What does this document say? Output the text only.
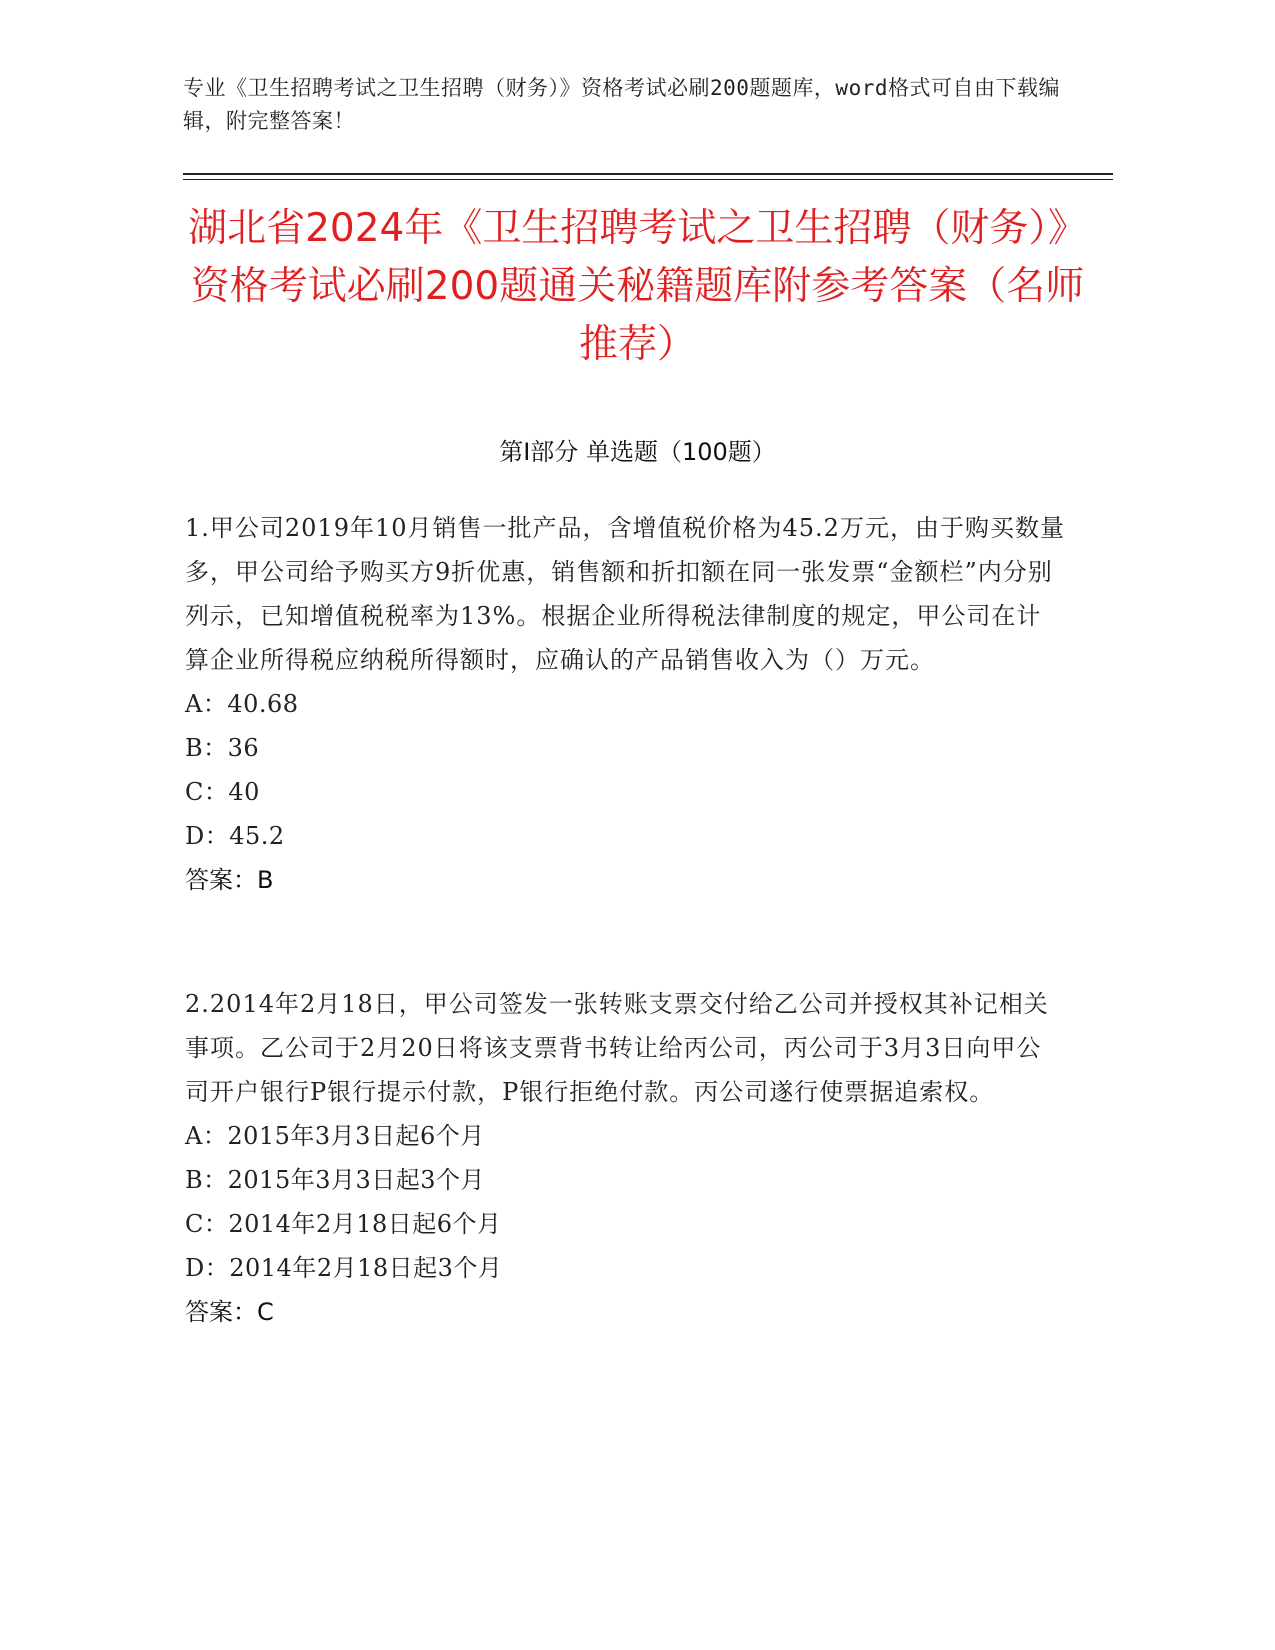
专业《卫生招聘考试之卫生招聘（财务）》资格考试必刷200题题库，word格式可自由下载编辑，附完整答案！
湖北省2024年《卫生招聘考试之卫生招聘（财务）》资格考试必刷200题通关秘籍题库附参考答案（名师推荐）
第I部分 单选题（100题）
1.甲公司2019年10月销售一批产品，含增值税价格为45.2万元，由于购买数量多，甲公司给予购买方9折优惠，销售额和折扣额在同一张发票“金额栏”内分别列示，已知增值税税率为13%。根据企业所得税法律制度的规定，甲公司在计算企业所得税应纳税所得额时，应确认的产品销售收入为（）万元。
A：40.68
B：36
C：40
D：45.2
答案：B
2.2014年2月18日，甲公司签发一张转账支票交付给乙公司并授权其补记相关事项。乙公司于2月20日将该支票背书转让给丙公司，丙公司于3月3日向甲公司开户银行P银行提示付款，P银行拒绝付款。丙公司遂行使票据追索权。
A：2015年3月3日起6个月
B：2015年3月3日起3个月
C：2014年2月18日起6个月
D：2014年2月18日起3个月
答案：C
